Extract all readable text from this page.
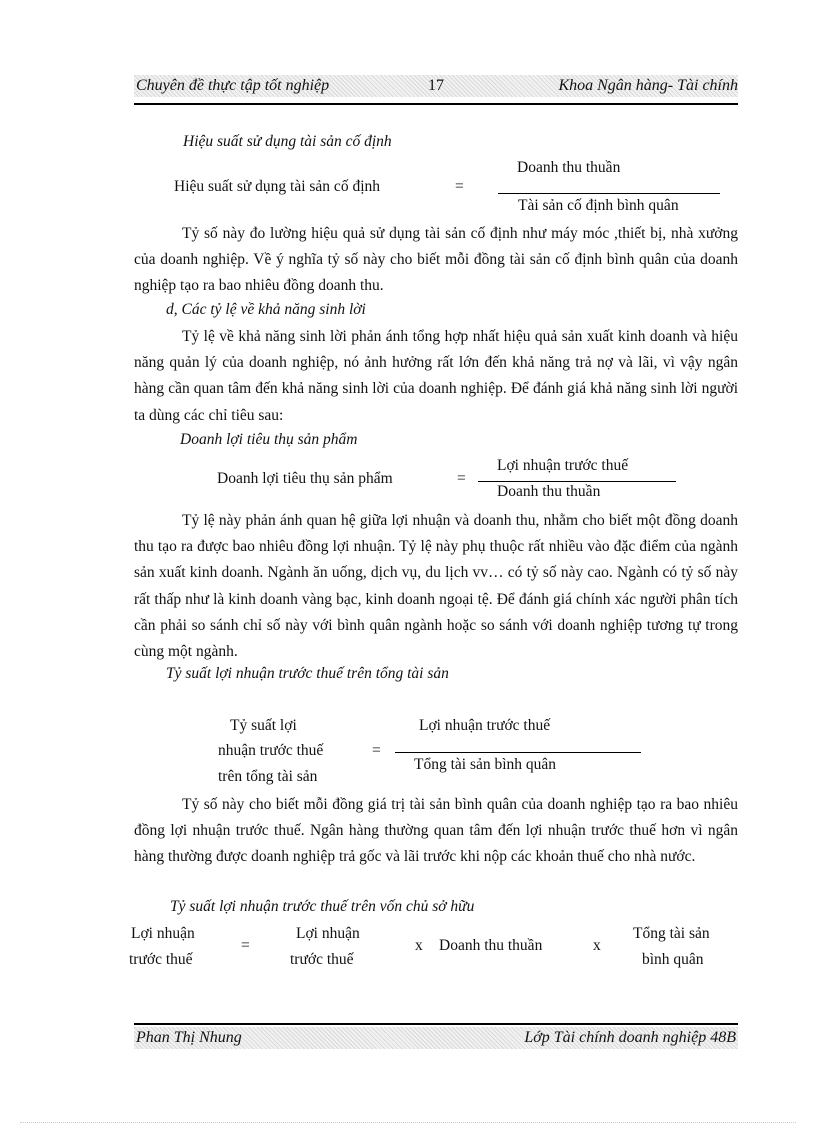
Chuyên đề thực tập tốt nghiệp	17	Khoa Ngân hàng- Tài chính
Hiệu suất sử dụng tài sản cố định
Doanh thu thuần
Hiệu suất sử dụng tài sản cố định	=
Tài sản cố định bình quân

Tỷ số này đo lường hiệu quả sử dụng tài sản cố định như máy móc ,thiết bị, nhà xưởng của doanh nghiệp. Về ý nghĩa tỷ số này cho biết mỗi đồng tài sản cố định bình quân của doanh nghiệp tạo ra bao nhiêu đồng doanh thu.

d, Các tỷ lệ về khả năng sinh lời

Tỷ lệ về khả năng sinh lời phản ánh tổng hợp nhất hiệu quả sản xuất kinh doanh và hiệu năng quản lý của doanh nghiệp, nó ảnh hưởng rất lớn đến khả năng trả nợ và lãi, vì vậy ngân hàng cần quan tâm đến khả năng sinh lời của doanh nghiệp. Để đánh giá khả năng sinh lời người ta dùng các chỉ tiêu sau:

Doanh lợi tiêu thụ sản phẩm
Lợi nhuận trước thuế
Doanh lợi tiêu thụ sản phẩm	=
Doanh thu thuần

Tỷ lệ này phản ánh quan hệ giữa lợi nhuận và doanh thu, nhằm cho biết một đồng doanh thu tạo ra được bao nhiêu đồng lợi nhuận. Tỷ lệ này phụ thuộc rất nhiều vào đặc điểm của ngành sản xuất kinh doanh. Ngành ăn uống, dịch vụ, du lịch vv… có tỷ số này cao. Ngành có tỷ số này rất thấp như là kinh doanh vàng bạc, kinh doanh ngoại tệ. Để đánh giá chính xác người phân tích cần phải so sánh chỉ số này với bình quân ngành hoặc so sánh với doanh nghiệp tương tự trong cùng một ngành.

Tỷ suất lợi nhuận trước thuế trên tổng tài sản
Tỷ suất lợi	Lợi nhuận trước thuế
nhuận trước thuế	=
Tổng tài sản bình quân
trên tổng tài sản

Tỷ số này cho biết mỗi đồng giá trị tài sản bình quân của doanh nghiệp tạo ra bao nhiêu đồng lợi nhuận trước thuế. Ngân hàng thường quan tâm đến lợi nhuận trước thuế hơn vì ngân hàng thường được doanh nghiệp trả gốc và lãi trước khi nộp các khoản thuế cho nhà nước.

Tỷ suất lợi nhuận trước thuế trên vốn chủ sở hữu
Lợi nhuận
trước thuế
=
Lợi nhuận
trước thuế
x Doanh thu thuần	x
Tổng tài sản
bình quân
Phan Thị Nhung	Lớp Tài chính doanh nghiệp 48B
